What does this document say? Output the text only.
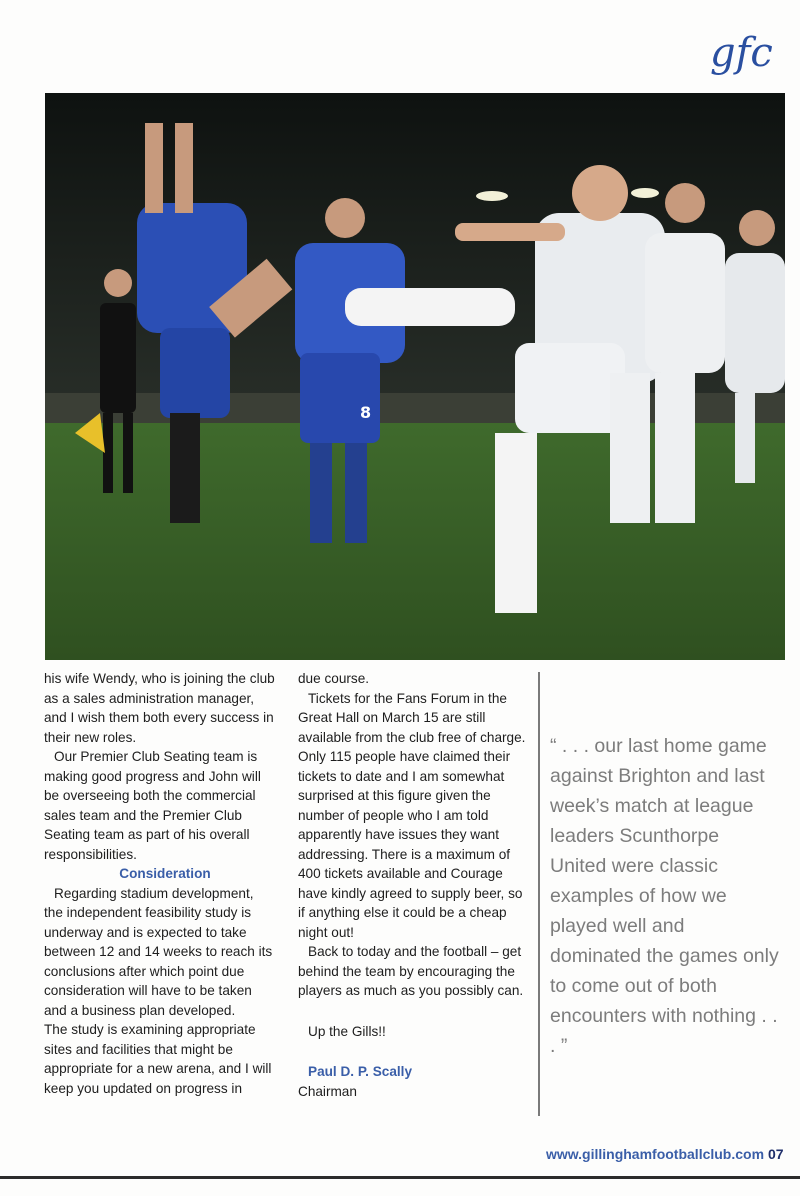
gfc
8

his wife Wendy, who is joining the club as a sales administration manager, and I wish them both every success in their new roles.

Our Premier Club Seating team is making good progress and John will be overseeing both the commercial sales team and the Premier Club Seating team as part of his overall responsibilities.

Consideration

Regarding stadium development, the independent feasibility study is underway and is expected to take between 12 and 14 weeks to reach its conclusions after which point due consideration will have to be taken and a business plan developed.

The study is examining appropriate sites and facilities that might be appropriate for a new arena, and I will keep you updated on progress in

due course.

Tickets for the Fans Forum in the Great Hall on March 15 are still available from the club free of charge. Only 115 people have claimed their tickets to date and I am somewhat surprised at this figure given the number of people who I am told apparently have issues they want addressing. There is a maximum of 400 tickets available and Courage have kindly agreed to supply beer, so if anything else it could be a cheap night out!

Back to today and the football – get behind the team by encouraging the players as much as you possibly can.

Up the Gills!!

Paul D. P. Scally

Chairman

“ . . . our last home game against Brighton and last week’s match at league leaders Scunthorpe United were classic examples of how we played well and dominated the games only to come out of both encounters with nothing . . . ”
www.gillinghamfootballclub.com 07
